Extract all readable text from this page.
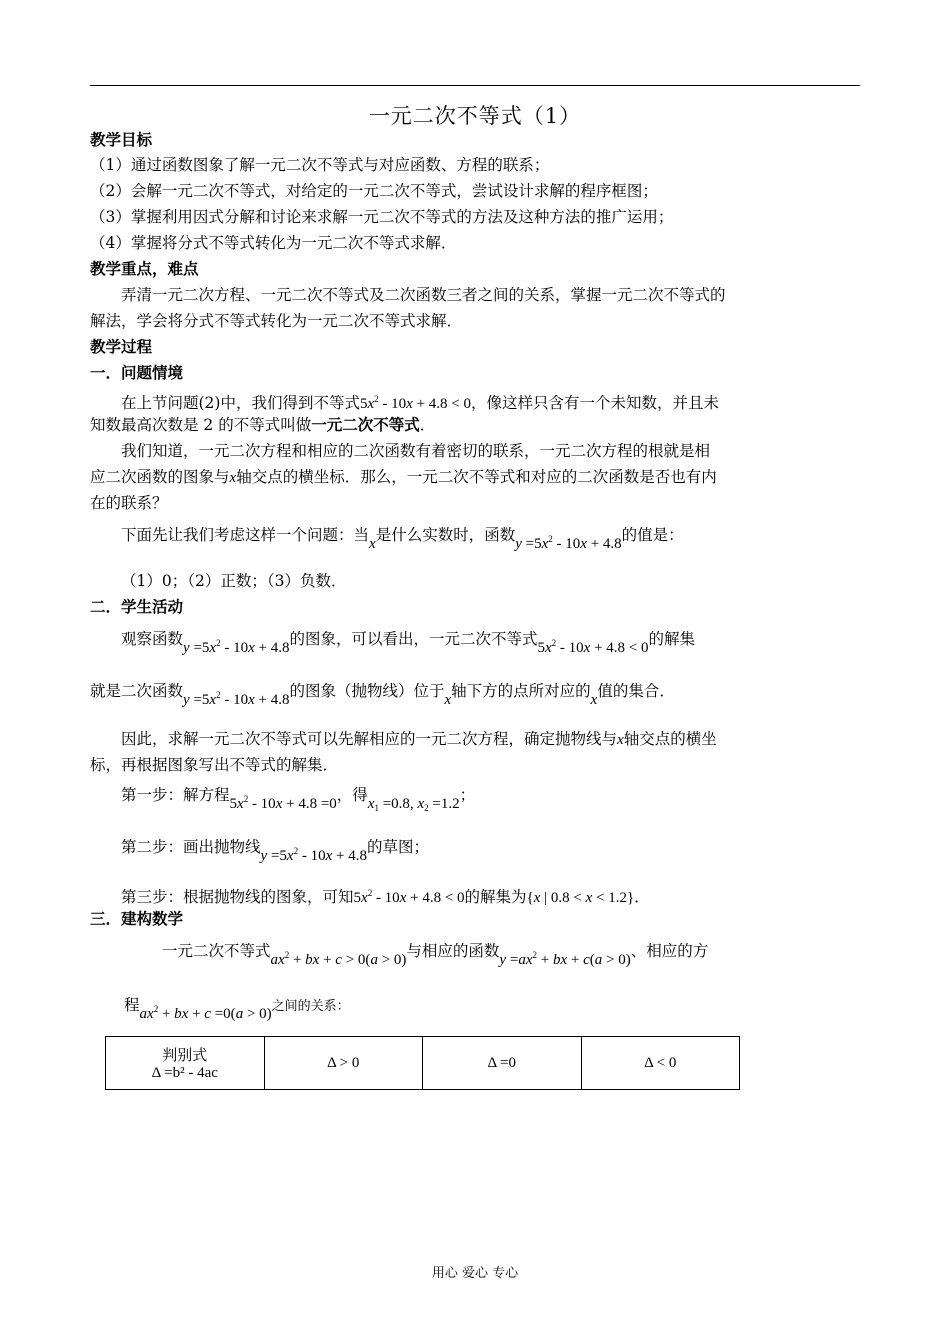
一元二次不等式（1）
教学目标
（1）通过函数图象了解一元二次不等式与对应函数、方程的联系；
（2）会解一元二次不等式，对给定的一元二次不等式，尝试设计求解的程序框图；
（3）掌握利用因式分解和讨论来求解一元二次不等式的方法及这种方法的推广运用；
（4）掌握将分式不等式转化为一元二次不等式求解．
教学重点，难点
弄清一元二次方程、一元二次不等式及二次函数三者之间的关系，掌握一元二次不等式的
解法，学会将分式不等式转化为一元二次不等式求解．
教学过程
一．问题情境
在上节问题(2)中，我们得到不等式$5x^2 - 10x + 4.8 < 0$，像这样只含有一个未知数，并且未
知数最高次数是 2 的不等式叫做一元二次不等式．
我们知道，一元二次方程和相应的二次函数有着密切的联系，一元二次方程的根就是相
应二次函数的图象与x轴交点的横坐标．那么，一元二次不等式和对应的二次函数是否也有内
在的联系？
下面先让我们考虑这样一个问题：当x是什么实数时，函数$y =5x^2 - 10x + 4.8$的值是：
（1）0；（2）正数；（3）负数．
二．学生活动
观察函数$y =5x^2 - 10x + 4.8$的图象，可以看出，一元二次不等式$5x^2 - 10x + 4.8 < 0$的解集
就是二次函数$y =5x^2 - 10x + 4.8$的图象（抛物线）位于x轴下方的点所对应的x值的集合．
因此，求解一元二次不等式可以先解相应的一元二次方程，确定抛物线与x轴交点的横坐
标，再根据图象写出不等式的解集．
第一步：解方程$5x^2 - 10x + 4.8 =0$，得$x_1 =0.8$, $x_2 =1.2$；
第二步：画出抛物线$y =5x^2 - 10x + 4.8$的草图；
第三步：根据抛物线的图象，可知$5x^2 - 10x + 4.8 < 0$的解集为{x | 0.8 < x < 1.2}．
三．建构数学
一元二次不等式$ax^2$ + bx + c > 0(a > 0)与相应的函数$y =ax^2$ + bx + c(a > 0)、相应的方
程$ax^2$ + bx + c =0(a > 0)之间的关系：
判别式
Δ =b² - 4ac
	Δ > 0	Δ =0	Δ < 0
用心 爱心 专心
